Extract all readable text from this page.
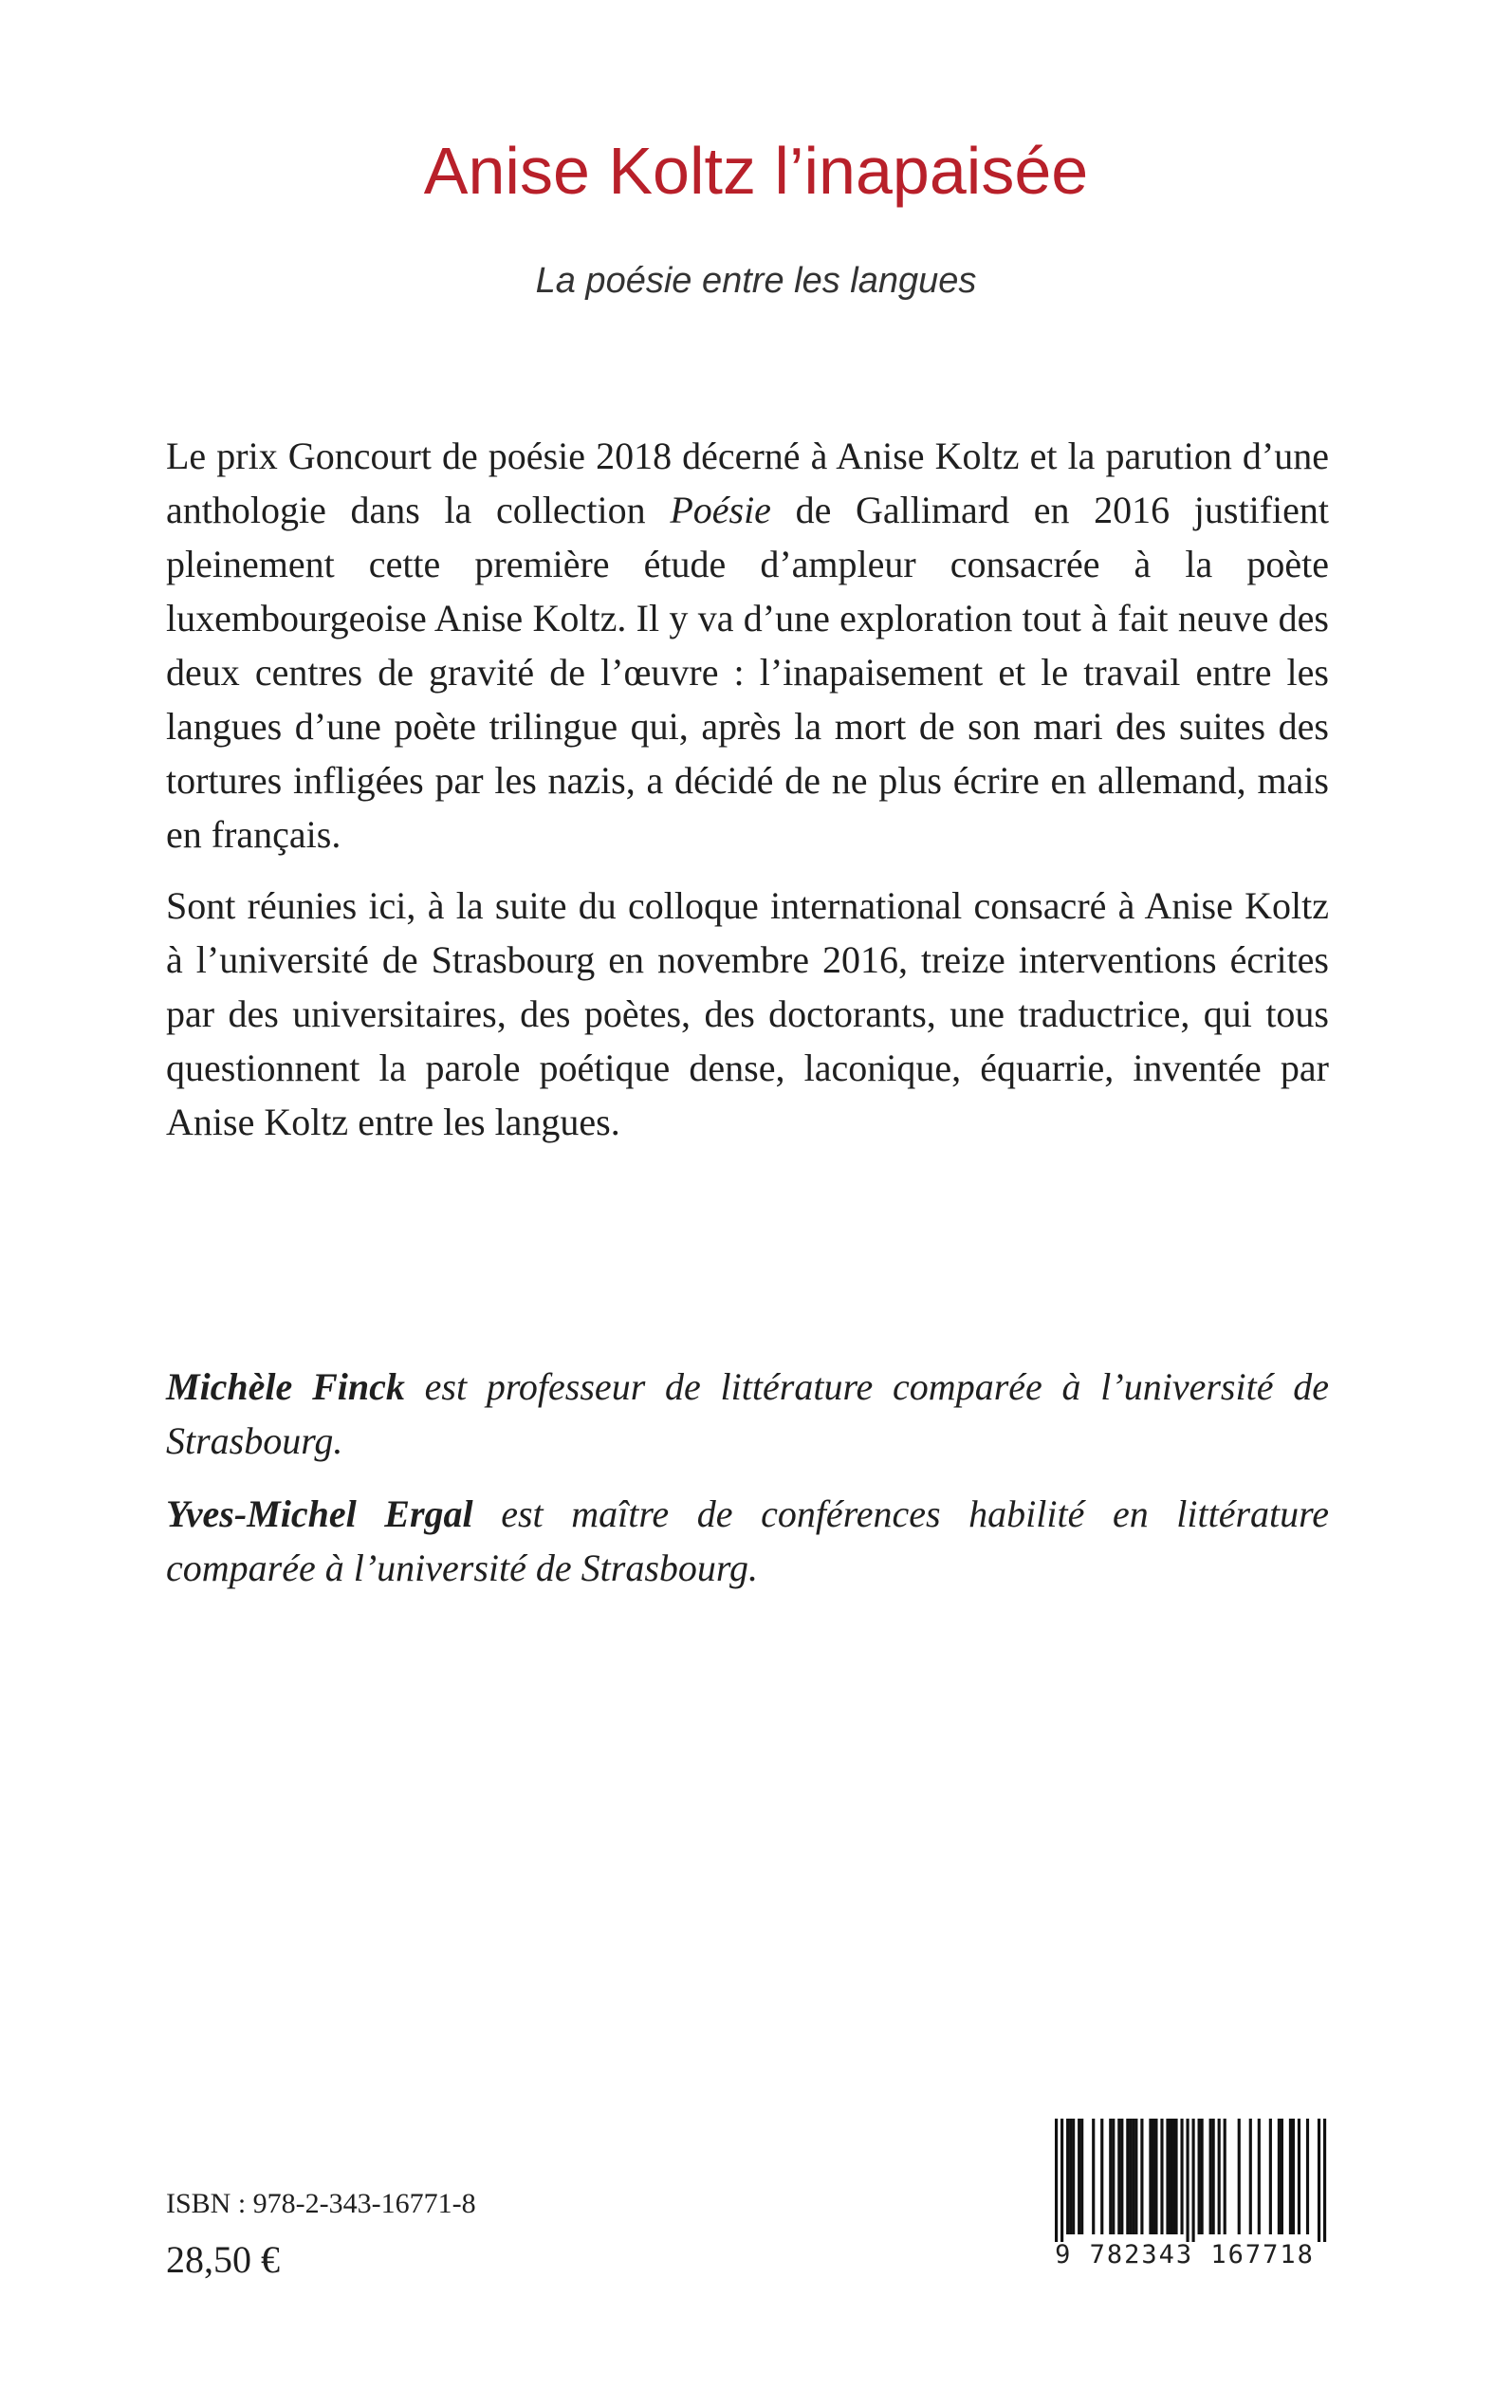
Anise Koltz l’inapaisée
La poésie entre les langues

Le prix Goncourt de poésie 2018 décerné à Anise Koltz et la parution d’une anthologie dans la collection Poésie de Gallimard en 2016 justifient pleinement cette première étude d’ampleur consacrée à la poète luxembourgeoise Anise Koltz. Il y va d’une exploration tout à fait neuve des deux centres de gravité de l’œuvre : l’inapaisement et le travail entre les langues d’une poète trilingue qui, après la mort de son mari des suites des tortures infligées par les nazis, a décidé de ne plus écrire en allemand, mais en français.

Sont réunies ici, à la suite du colloque international consacré à Anise Koltz à l’université de Strasbourg en novembre 2016, treize interventions écrites par des universitaires, des poètes, des doctorants, une traductrice, qui tous questionnent la parole poétique dense, laconique, équarrie, inventée par Anise Koltz entre les langues.

Michèle Finck est professeur de littérature comparée à l’université de Strasbourg.

Yves-Michel Ergal est maître de conférences habilité en littérature comparée à l’université de Strasbourg.

ISBN : 978-2-343-16771-8
28,50 €	9 782343 167718
